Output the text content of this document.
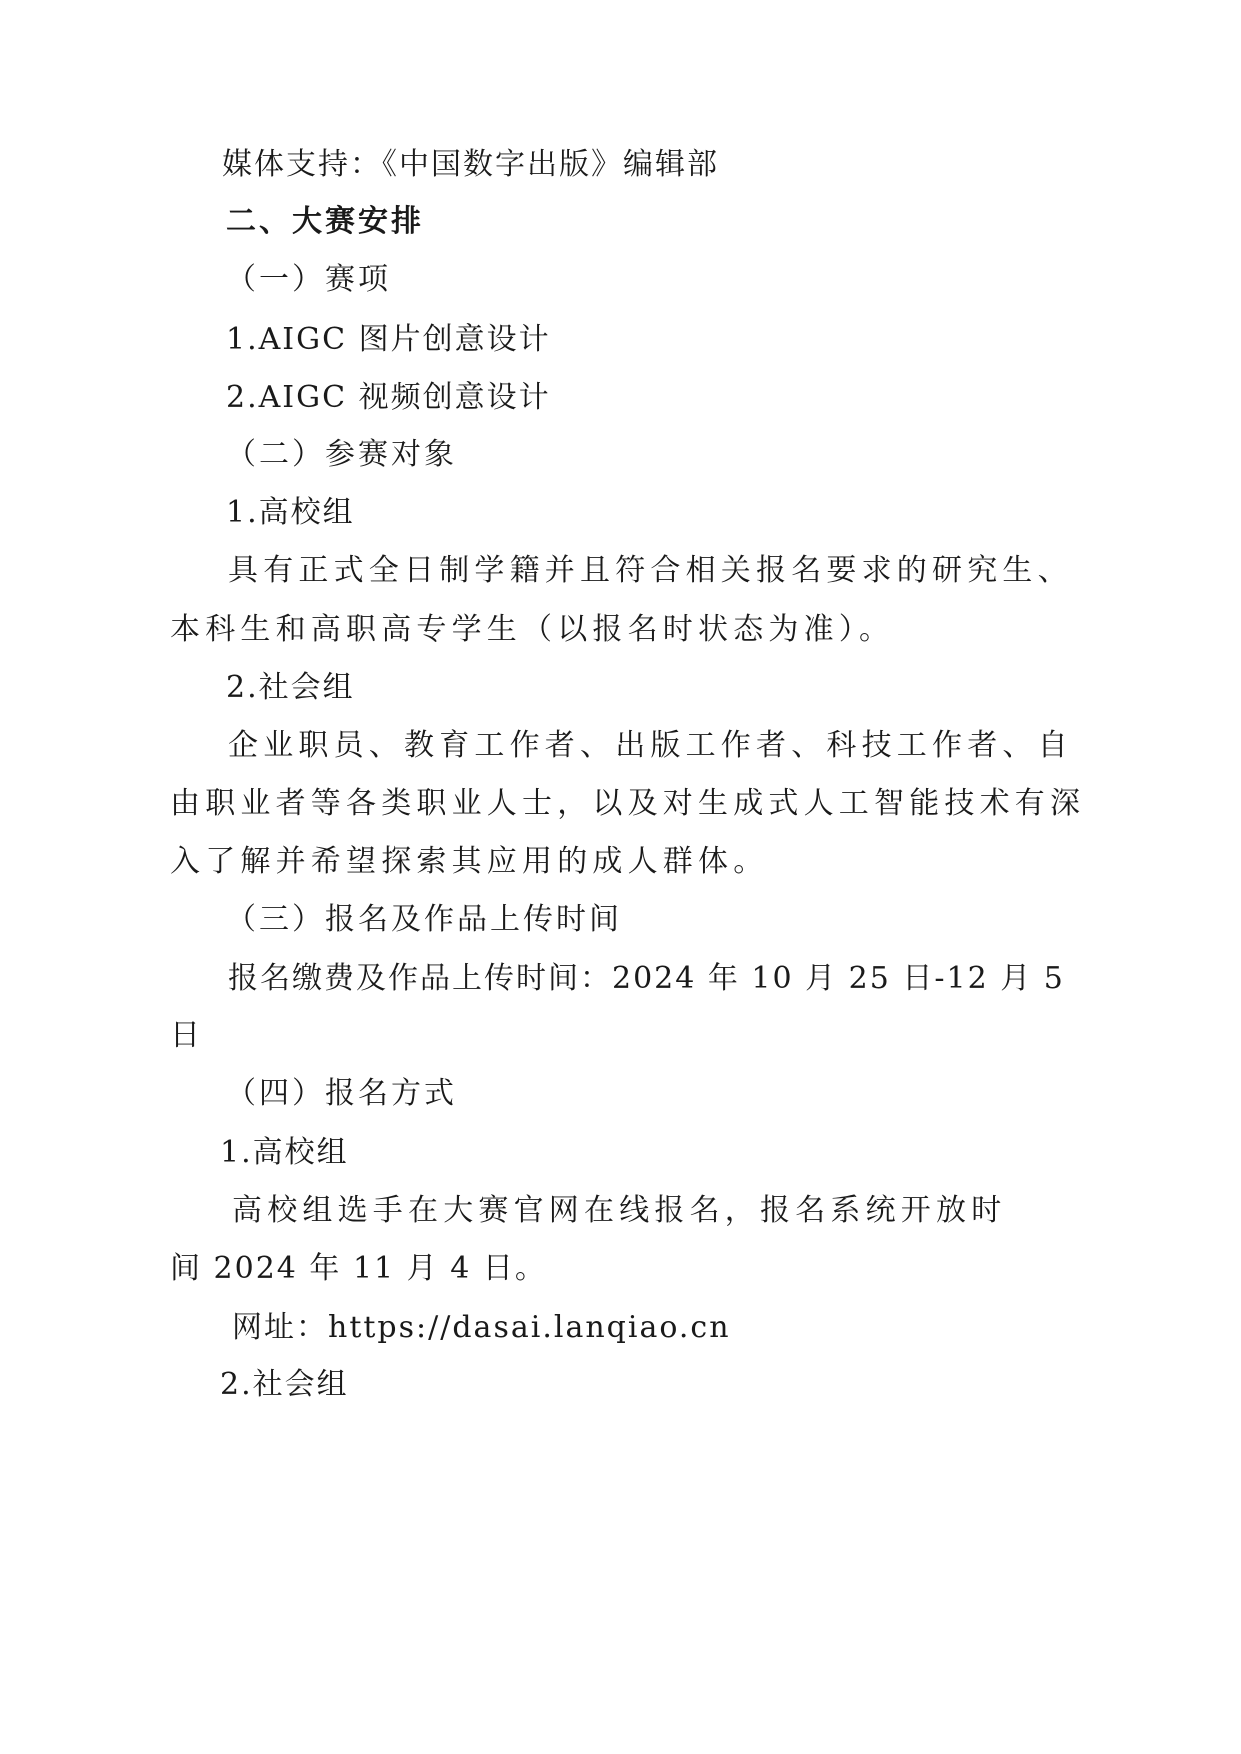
媒体支持：《中国数字出版》编辑部
二、大赛安排
（一）赛项
1.AIGC 图片创意设计
2.AIGC 视频创意设计
（二）参赛对象
1.高校组
具有正式全日制学籍并且符合相关报名要求的研究生、
本科生和高职高专学生（以报名时状态为准）。
2.社会组
企业职员、教育工作者、出版工作者、科技工作者、自
由职业者等各类职业人士，以及对生成式人工智能技术有深
入了解并希望探索其应用的成人群体。
（三）报名及作品上传时间
报名缴费及作品上传时间：2024 年 10 月 25 日-12 月 5
日
（四）报名方式
1.高校组
高校组选手在大赛官网在线报名，报名系统开放时
间 2024 年 11 月 4 日。
网址：https://dasai.lanqiao.cn
2.社会组
